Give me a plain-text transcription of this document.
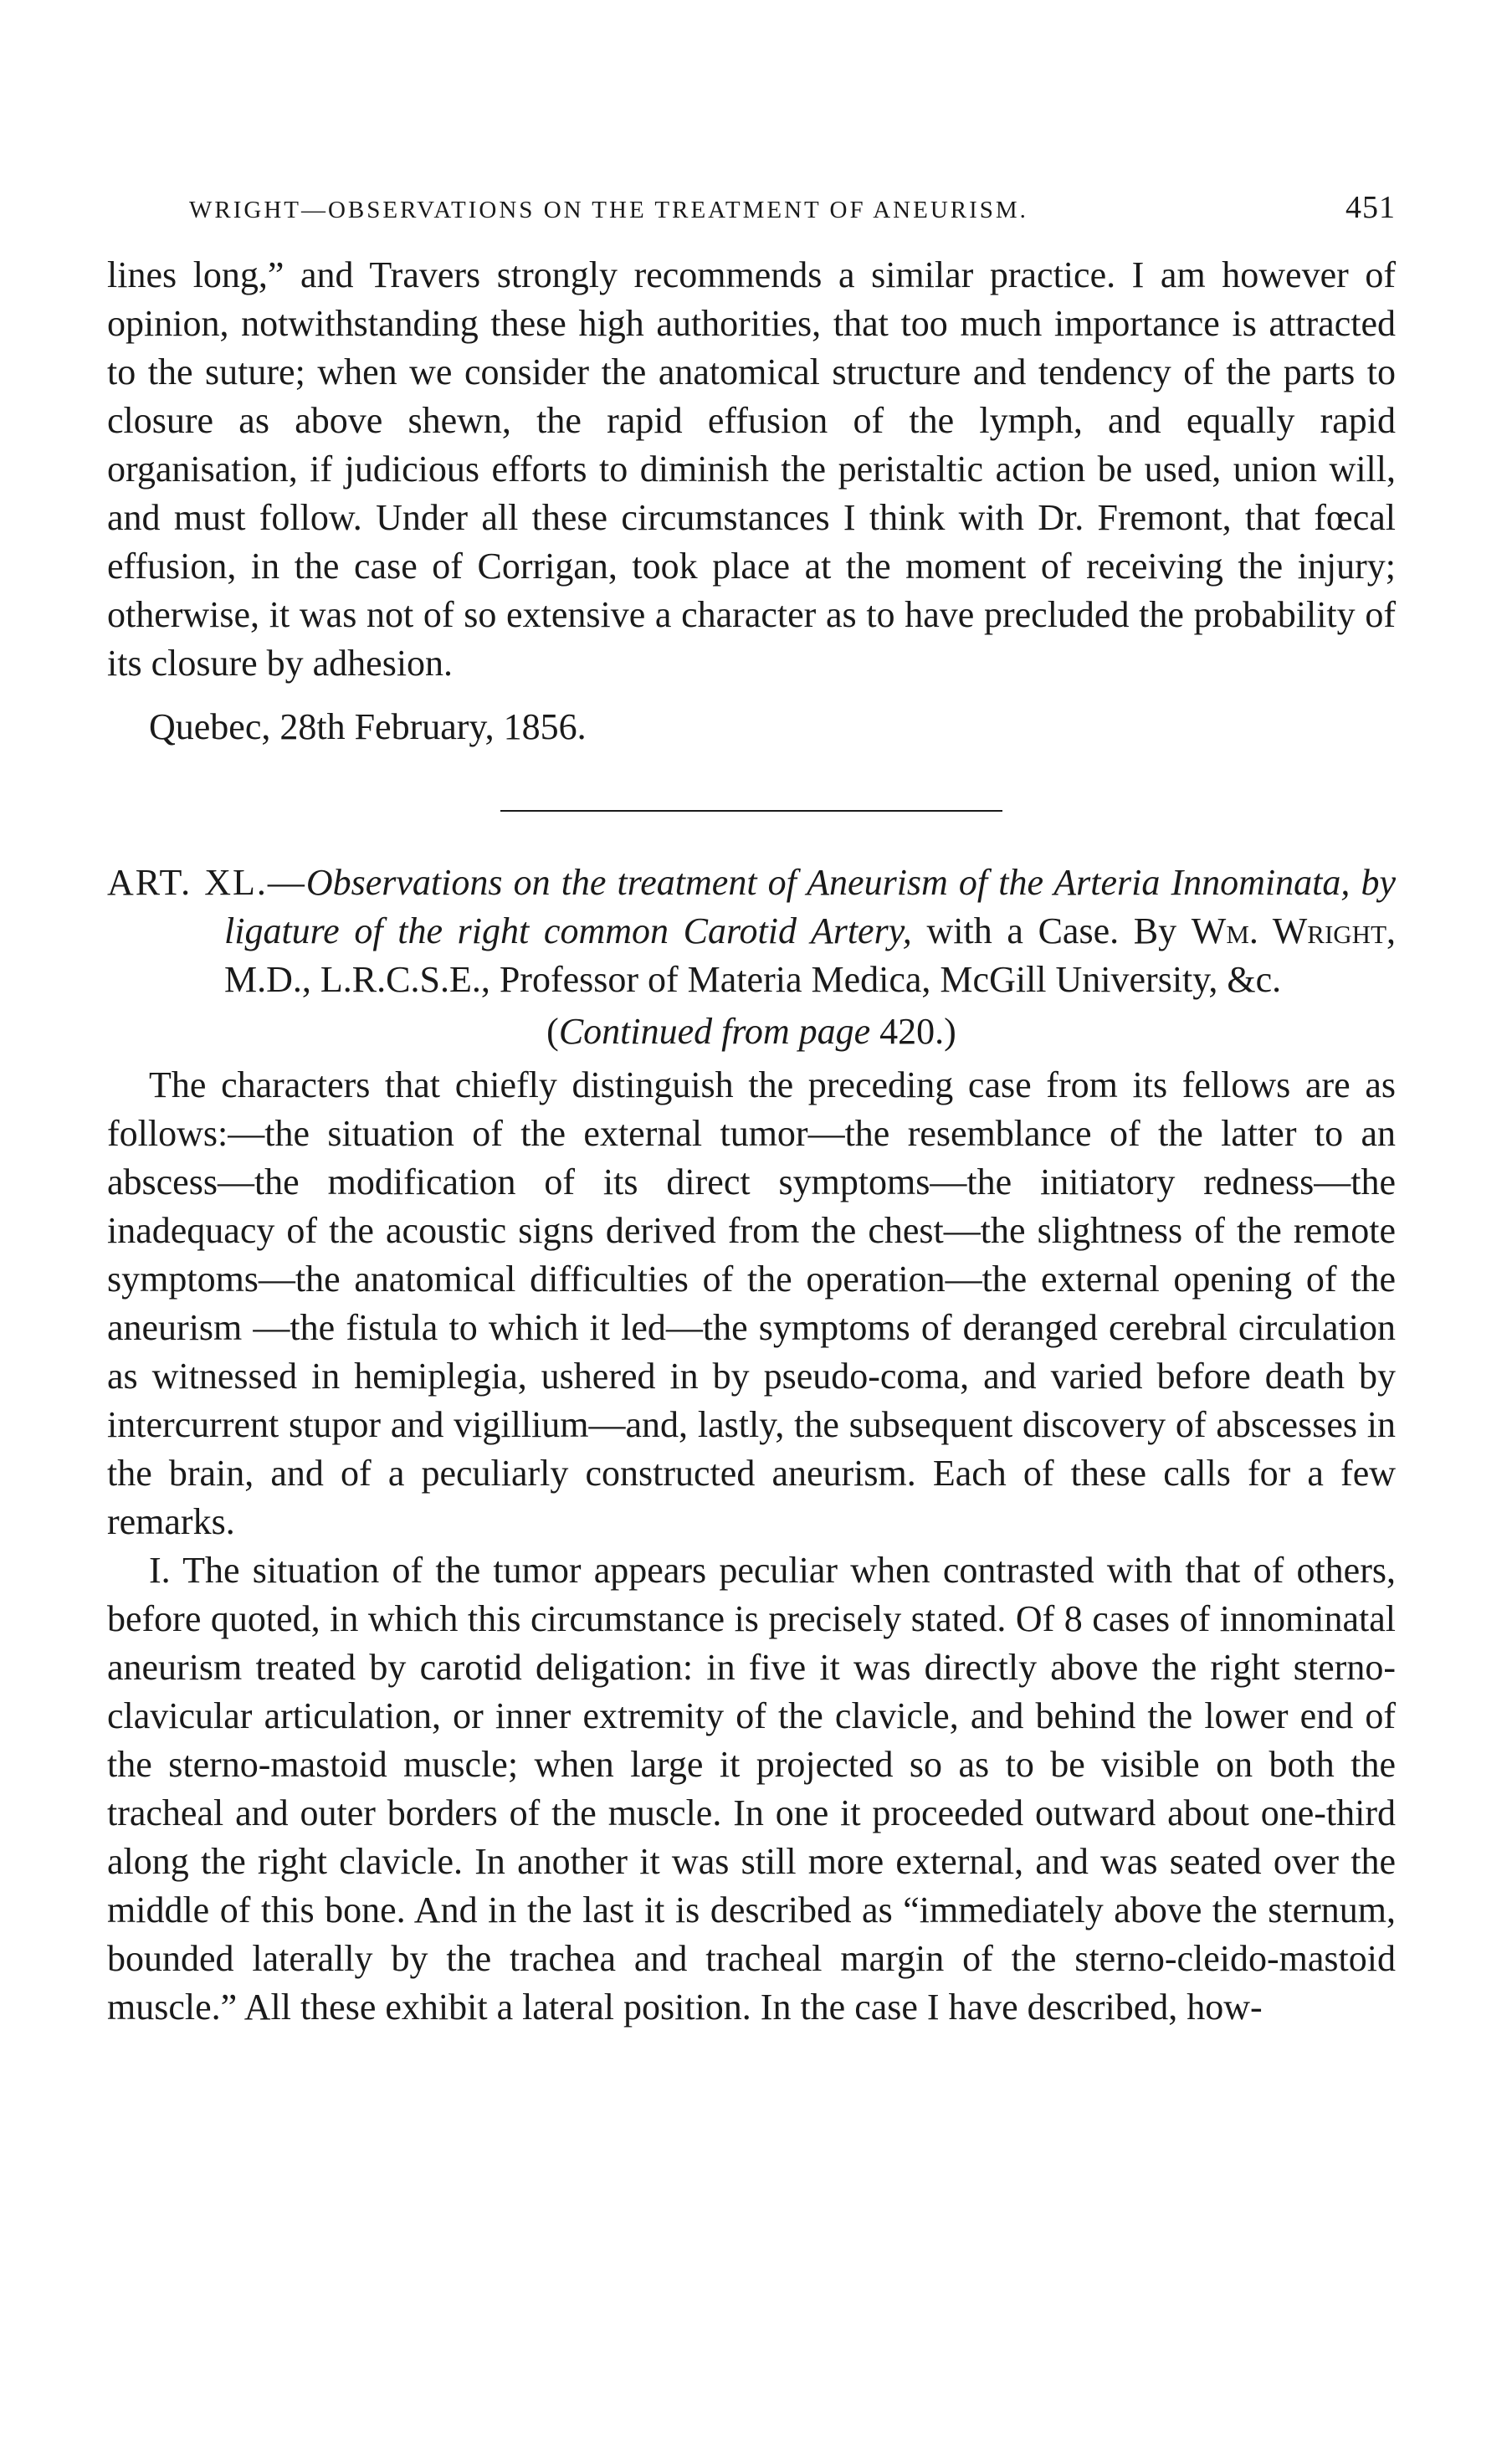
WRIGHT—OBSERVATIONS ON THE TREATMENT OF ANEURISM.	451

lines long,” and Travers strongly recommends a similar practice. I am however of opinion, notwithstanding these high authorities, that too much importance is attracted to the suture; when we consider the anatomical structure and tendency of the parts to closure as above shewn, the rapid effusion of the lymph, and equally rapid organisation, if judicious efforts to diminish the peristaltic action be used, union will, and must follow. Under all these circumstances I think with Dr. Fremont, that fœcal effusion, in the case of Corrigan, took place at the moment of receiving the injury; otherwise, it was not of so extensive a character as to have precluded the probability of its closure by adhesion.

Quebec, 28th February, 1856.
ART. XL.—Observations on the treatment of Aneurism of the Arteria Innominata, by ligature of the right common Carotid Artery, with a Case. By Wm. Wright, M.D., L.R.C.S.E., Professor of Materia Medica, McGill University, &c.
(Continued from page 420.)

The characters that chiefly distinguish the preceding case from its fellows are as follows:—the situation of the external tumor—the resemblance of the latter to an abscess—the modification of its direct symptoms—the initiatory redness—the inadequacy of the acoustic signs derived from the chest—the slightness of the remote symptoms—the anatomical difficulties of the operation—the external opening of the aneurism —the fistula to which it led—the symptoms of deranged cerebral circulation as witnessed in hemiplegia, ushered in by pseudo-coma, and varied before death by intercurrent stupor and vigillium—and, lastly, the subsequent discovery of abscesses in the brain, and of a peculiarly constructed aneurism. Each of these calls for a few remarks.

I. The situation of the tumor appears peculiar when contrasted with that of others, before quoted, in which this circumstance is precisely stated. Of 8 cases of innominatal aneurism treated by carotid deligation: in five it was directly above the right sterno-clavicular articulation, or inner extremity of the clavicle, and behind the lower end of the sterno-mastoid muscle; when large it projected so as to be visible on both the tracheal and outer borders of the muscle. In one it proceeded outward about one-third along the right clavicle. In another it was still more external, and was seated over the middle of this bone. And in the last it is described as “immediately above the sternum, bounded laterally by the trachea and tracheal margin of the sterno-cleido-mastoid muscle.” All these exhibit a lateral position. In the case I have described, how-
